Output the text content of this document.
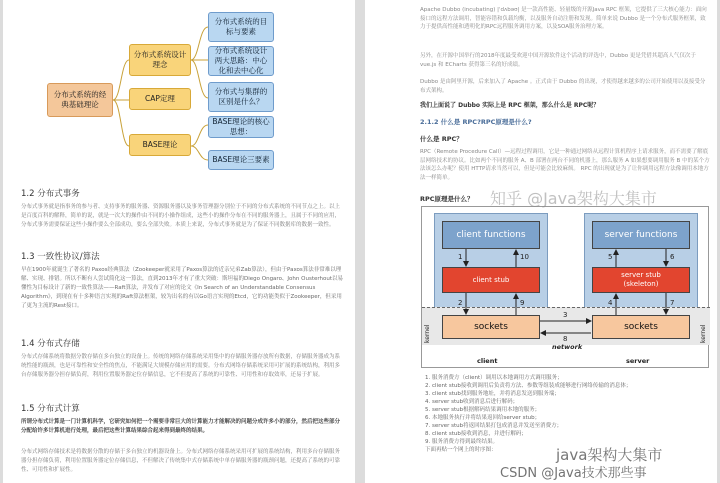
分布式系统的经典基础理论
分布式系统设计理念
CAP定理
BASE理论
分布式系统的目标与要素
分布式系统设计两大思路：中心化和去中心化
分布式与集群的区别是什么？
BASE理论的核心思想：
BASE理论三要素
1.2 分布式事务
分布式事务就是指事务的参与者、支持事务的服务器、资源服务器以及事务管理器分别位于不同的分布式系统的不同节点之上。以上是百度百科的解释，简单的说，就是一次大的操作由不同的小操作组成，这些小的操作分布在不同的服务器上，且属于不同的应用，分布式事务需要保证这些小操作要么全部成功，要么全部失败。本质上来说，分布式事务就是为了保证不同数据库的数据一致性。
1.3 一致性协议/算法
早在1900年就诞生了著名的 Paxos经典算法（Zookeeper就采用了Paxos算法的近亲兄弟Zab算法），但由于Paxos算法非常难以理解、实现、排错。所以不断有人尝试简化这一算法，直到2013年才有了重大突破：斯坦福的Diego Ongaro、John Ousterhout以易懂性为目标设计了新的一致性算法——Raft算法，并发布了对应的论文《In Search of an Understandable Consensus Algorithm》，到现在有十多种语言实现的Raft算法框架，较为出名的有以Go语言实现的Etcd，它的功能类似于Zookeeper，但采用了更为主流的Rest接口。
1.4 分布式存储
分布式存储系统将数据分散存储在多台独立的设备上。传统的网络存储系统采用集中的存储服务器存放所有数据，存储服务器成为系统性能的瓶颈，也是可靠性和安全性的焦点，不能满足大规模存储应用的需要。分布式网络存储系统采用可扩展的系统结构，利用多台存储服务器分担存储负荷，利用位置服务器定位存储信息，它不但提高了系统的可靠性、可用性和存取效率，还易于扩展。
1.5 分布式计算
所谓分布式计算是一门计算机科学，它研究如何把一个需要非常巨大的计算能力才能解决的问题分成许多小的部分，然后把这些部分分配给许多计算机进行处理，最后把这些计算结果综合起来得到最终的结果。
分布式网络存储技术是将数据分散的存储于多台独立的机器设备上。分布式网络存储系统采用可扩展的系统结构，利用多台存储服务器分担存储负荷，利用位置服务器定位存储信息，不但解决了传统集中式存储系统中单存储服务器的瓶颈问题，还提高了系统的可靠性、可用性和扩展性。
Apache Dubbo (incubating) |ˈdʌbəʊ| 是一款高性能、轻量级的开源Java RPC 框架，它提供了三大核心能力：面向接口的远程方法调用，智能容错和负载均衡，以及服务自动注册和发现。简单来说 Dubbo 是一个分布式服务框架，致力于提供高性能和透明化的RPC远程服务调用方案，以及SOA服务治理方案。
另外，在开源中国举行的2018年度最受欢迎中国开源软件这个活动的评选中，Dubbo 更是凭借其超高人气仅次于 vue.js 和 ECharts 获得第三名的好成绩。
Dubbo 是由阿里开源，后来加入了 Apache 。正式由于 Dubbo 的出现，才使得越来越多的公司开始使用以及接受分布式架构。
我们上面说了 Dubbo 实际上是 RPC 框架，那么什么是 RPC呢？
2.1.2 什么是 RPC?RPC原理是什么?
什么是 RPC？
RPC（Remote Procedure Call）—远程过程调用，它是一种通过网络从远程计算机程序上请求服务，而不需要了解底层网络技术的协议。比如两个不同的服务 A、B 部署在两台不同的机器上，那么服务 A 如果想要调用服务 B 中的某个方法该怎么办呢？使用 HTTP请求当然可以，但是可能会比较麻烦。 RPC 的出现就是为了让你调用远程方法像调用本地方法一样简单。
RPC原理是什么？
client functions
client stub
sockets
server functions
server stub
(skeleton)
sockets
1	10
2	9
3
4
5	6
7
8
network
kernel	kernel
client	server
1. 服务消费方（client）调用以本地调用方式调用服务；
2. client stub接收到调用后负责将方法、参数等组装成能够进行网络传输的消息体；
3. client stub找到服务地址，并将消息发送到服务端；
4. server stub收到消息后进行解码；
5. server stub根据解码结果调用本地的服务；
6. 本地服务执行并将结果返回给server stub；
7. server stub将返回结果打包成消息并发送至消费方；
8. client stub接收到消息，并进行解码；
9. 服务消费方得到最终结果。
下面再贴一个网上的时序图：
知乎 @Java架构大集市
java架构大集市
CSDN @Java技术那些事
